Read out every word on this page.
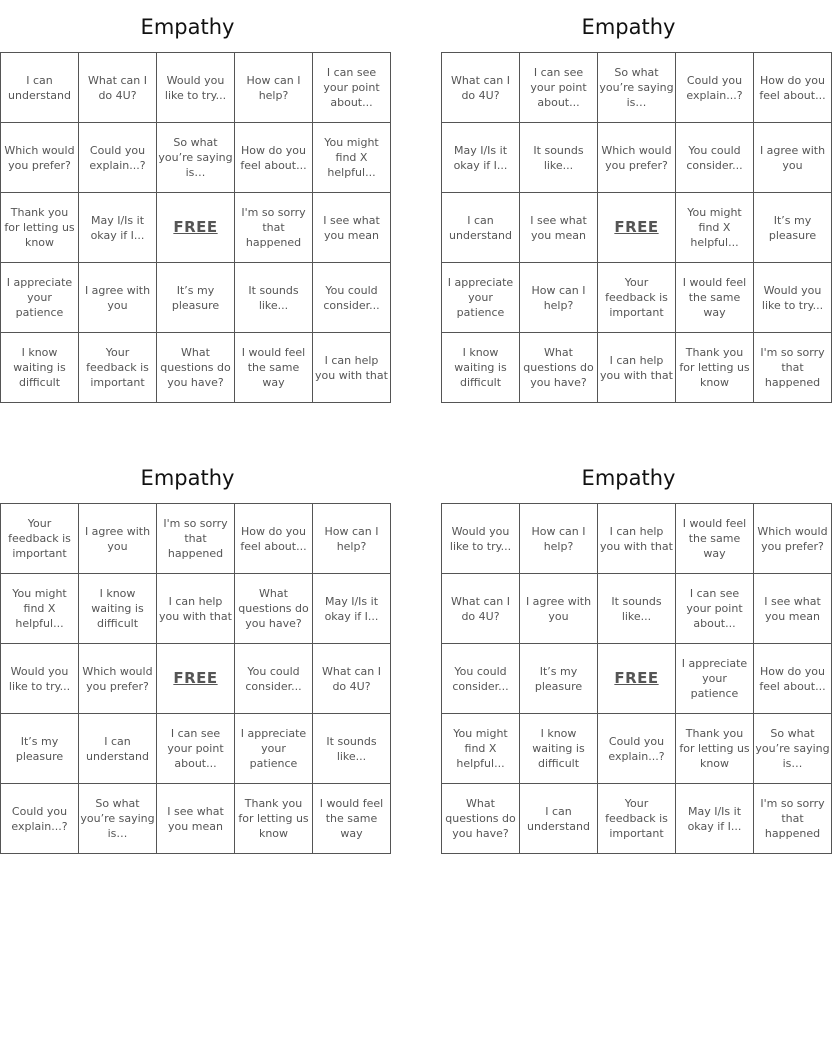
Empathy
I can understand	What can I do 4U?	Would you like to try...	How can I help?	I can see your point about...
Which would you prefer?	Could you explain...?	So what you’re saying is…	How do you feel about...	You might find X helpful...
Thank you for letting us know	May I/Is it okay if I...	FREE	I'm so sorry that happened	I see what you mean
I appreciate your patience	I agree with you	It’s my pleasure	It sounds like...	You could consider...
I know waiting is difficult	Your feedback is important	What questions do you have?	I would feel the same way	I can help you with that
Empathy
What can I do 4U?	I can see your point about...	So what you’re saying is…	Could you explain...?	How do you feel about...
May I/Is it okay if I...	It sounds like...	Which would you prefer?	You could consider...	I agree with you
I can understand	I see what you mean	FREE	You might find X helpful...	It’s my pleasure
I appreciate your patience	How can I help?	Your feedback is important	I would feel the same way	Would you like to try...
I know waiting is difficult	What questions do you have?	I can help you with that	Thank you for letting us know	I'm so sorry that happened
Empathy
Your feedback is important	I agree with you	I'm so sorry that happened	How do you feel about...	How can I help?
You might find X helpful...	I know waiting is difficult	I can help you with that	What questions do you have?	May I/Is it okay if I...
Would you like to try...	Which would you prefer?	FREE	You could consider...	What can I do 4U?
It’s my pleasure	I can understand	I can see your point about...	I appreciate your patience	It sounds like...
Could you explain...?	So what you’re saying is…	I see what you mean	Thank you for letting us know	I would feel the same way
Empathy
Would you like to try...	How can I help?	I can help you with that	I would feel the same way	Which would you prefer?
What can I do 4U?	I agree with you	It sounds like...	I can see your point about...	I see what you mean
You could consider...	It’s my pleasure	FREE	I appreciate your patience	How do you feel about...
You might find X helpful...	I know waiting is difficult	Could you explain...?	Thank you for letting us know	So what you’re saying is…
What questions do you have?	I can understand	Your feedback is important	May I/Is it okay if I...	I'm so sorry that happened
